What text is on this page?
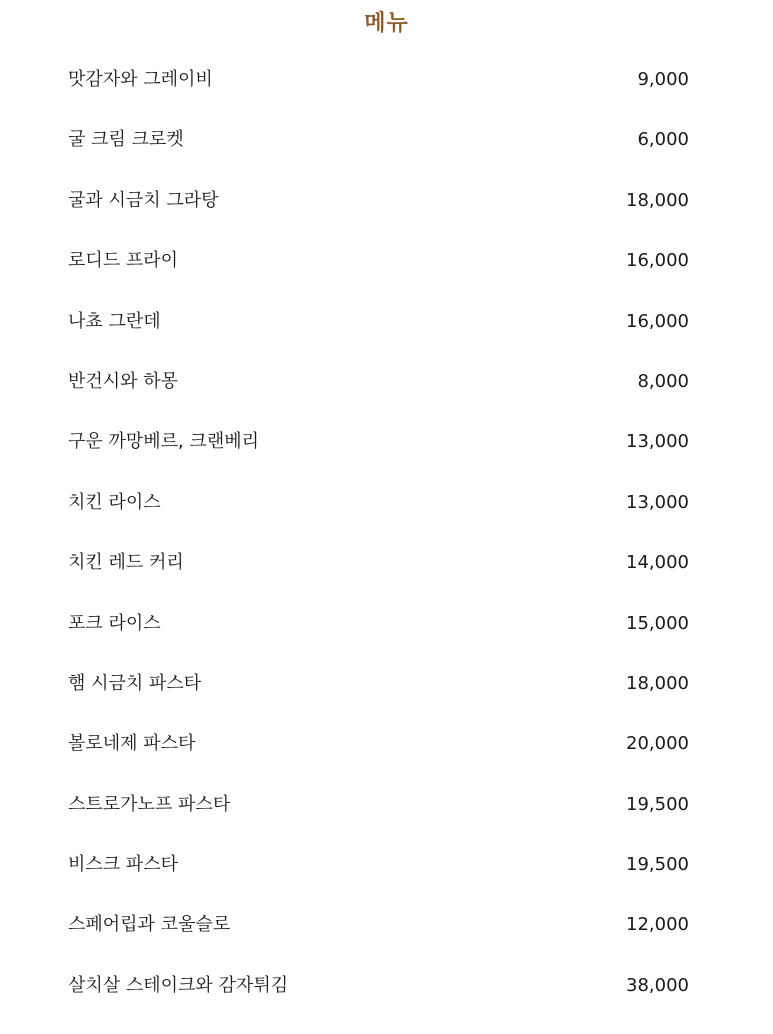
메뉴
맛감자와 그레이비	9,000
굴 크림 크로켓	6,000
굴과 시금치 그라탕	18,000
로디드 프라이	16,000
나쵸 그란데	16,000
반건시와 하몽	8,000
구운 까망베르, 크랜베리	13,000
치킨 라이스	13,000
치킨 레드 커리	14,000
포크 라이스	15,000
햄 시금치 파스타	18,000
볼로네제 파스타	20,000
스트로가노프 파스타	19,500
비스크 파스타	19,500
스페어립과 코울슬로	12,000
살치살 스테이크와 감자튀김	38,000
